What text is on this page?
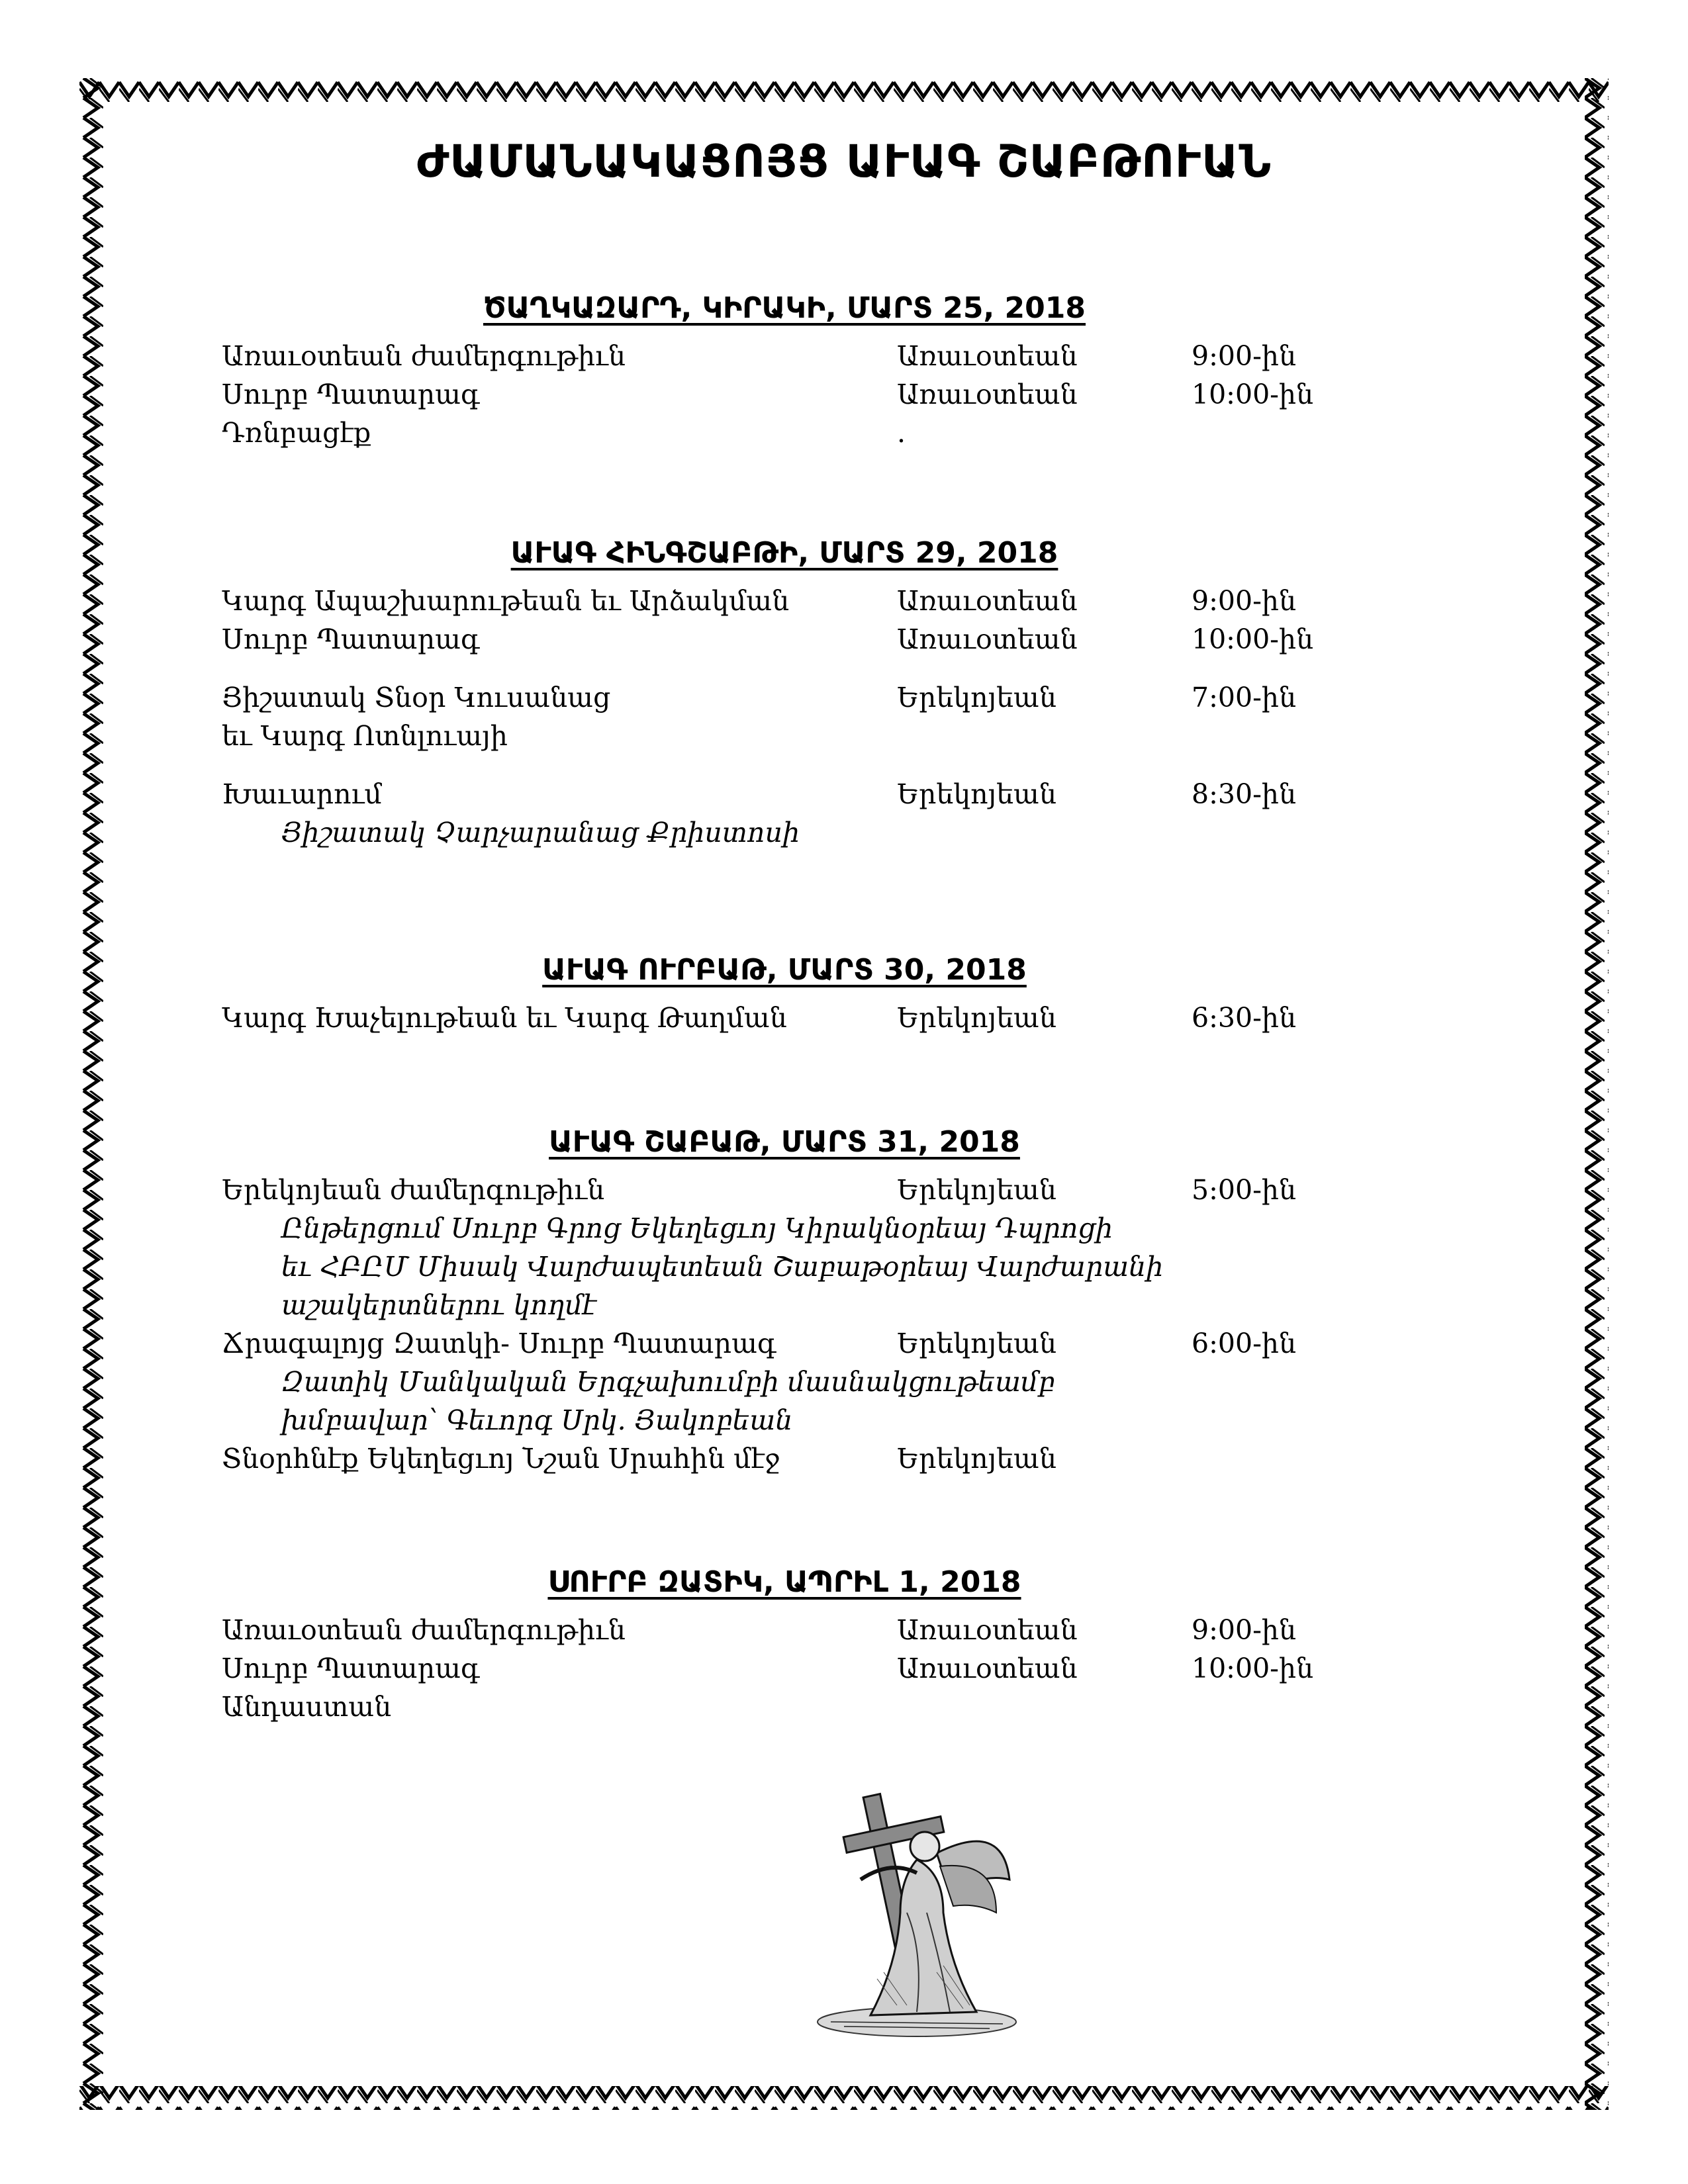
ԺԱՄԱՆԱԿԱՑՈՅՑ ԱՒԱԳ ՇԱԲԹՈՒԱՆ
ԾԱՂԿԱԶԱՐԴ, ԿԻՐԱԿԻ, ՄԱՐՏ 25, 2018
Առաւօտեան ժամերգութիւն	Առաւօտեան	9:00-ին
Սուրբ Պատարագ	Առաւօտեան	10:00-ին
Դռնբացէք	.
ԱՒԱԳ ՀԻՆԳՇԱԲԹԻ, ՄԱՐՏ 29, 2018
Կարգ Ապաշխարութեան եւ Արձակման	Առաւօտեան	9:00-ին
Սուրբ Պատարագ	Առաւօտեան	10:00-ին
Յիշատակ Տնօր Կուսանաց	Երեկոյեան	7:00-ին
եւ Կարգ Ոտնլուայի
Խաւարում	Երեկոյեան	8:30-ին
Յիշատակ Չարչարանաց Քրիստոսի
ԱՒԱԳ ՈՒՐԲԱԹ, ՄԱՐՏ 30, 2018
Կարգ Խաչելութեան եւ Կարգ Թաղման	Երեկոյեան	6:30-ին
ԱՒԱԳ ՇԱԲԱԹ, ՄԱՐՏ 31, 2018
Երեկոյեան ժամերգութիւն	Երեկոյեան	5:00-ին
Ընթերցում Սուրբ Գրոց Եկեղեցւոյ Կիրակնօրեայ Դպրոցի
եւ ՀԲԸՄ Միսակ Վարժապետեան Շաբաթօրեայ Վարժարանի
աշակերտներու կողմէ
Ճրագալոյց Զատկի- Սուրբ Պատարագ	Երեկոյեան	6:00-ին
Զատիկ Մանկական Երգչախումբի մասնակցութեամբ
խմբավար՝ Գեւորգ Սրկ. Յակոբեան
Տնօրհնէք Եկեղեցւոյ Նշան Սրահին մէջ	Երեկոյեան
ՍՈՒՐԲ ԶԱՏԻԿ, ԱՊՐԻԼ 1, 2018
Առաւօտեան ժամերգութիւն	Առաւօտեան	9:00-ին
Սուրբ Պատարագ	Առաւօտեան	10:00-ին
Անդաստան
